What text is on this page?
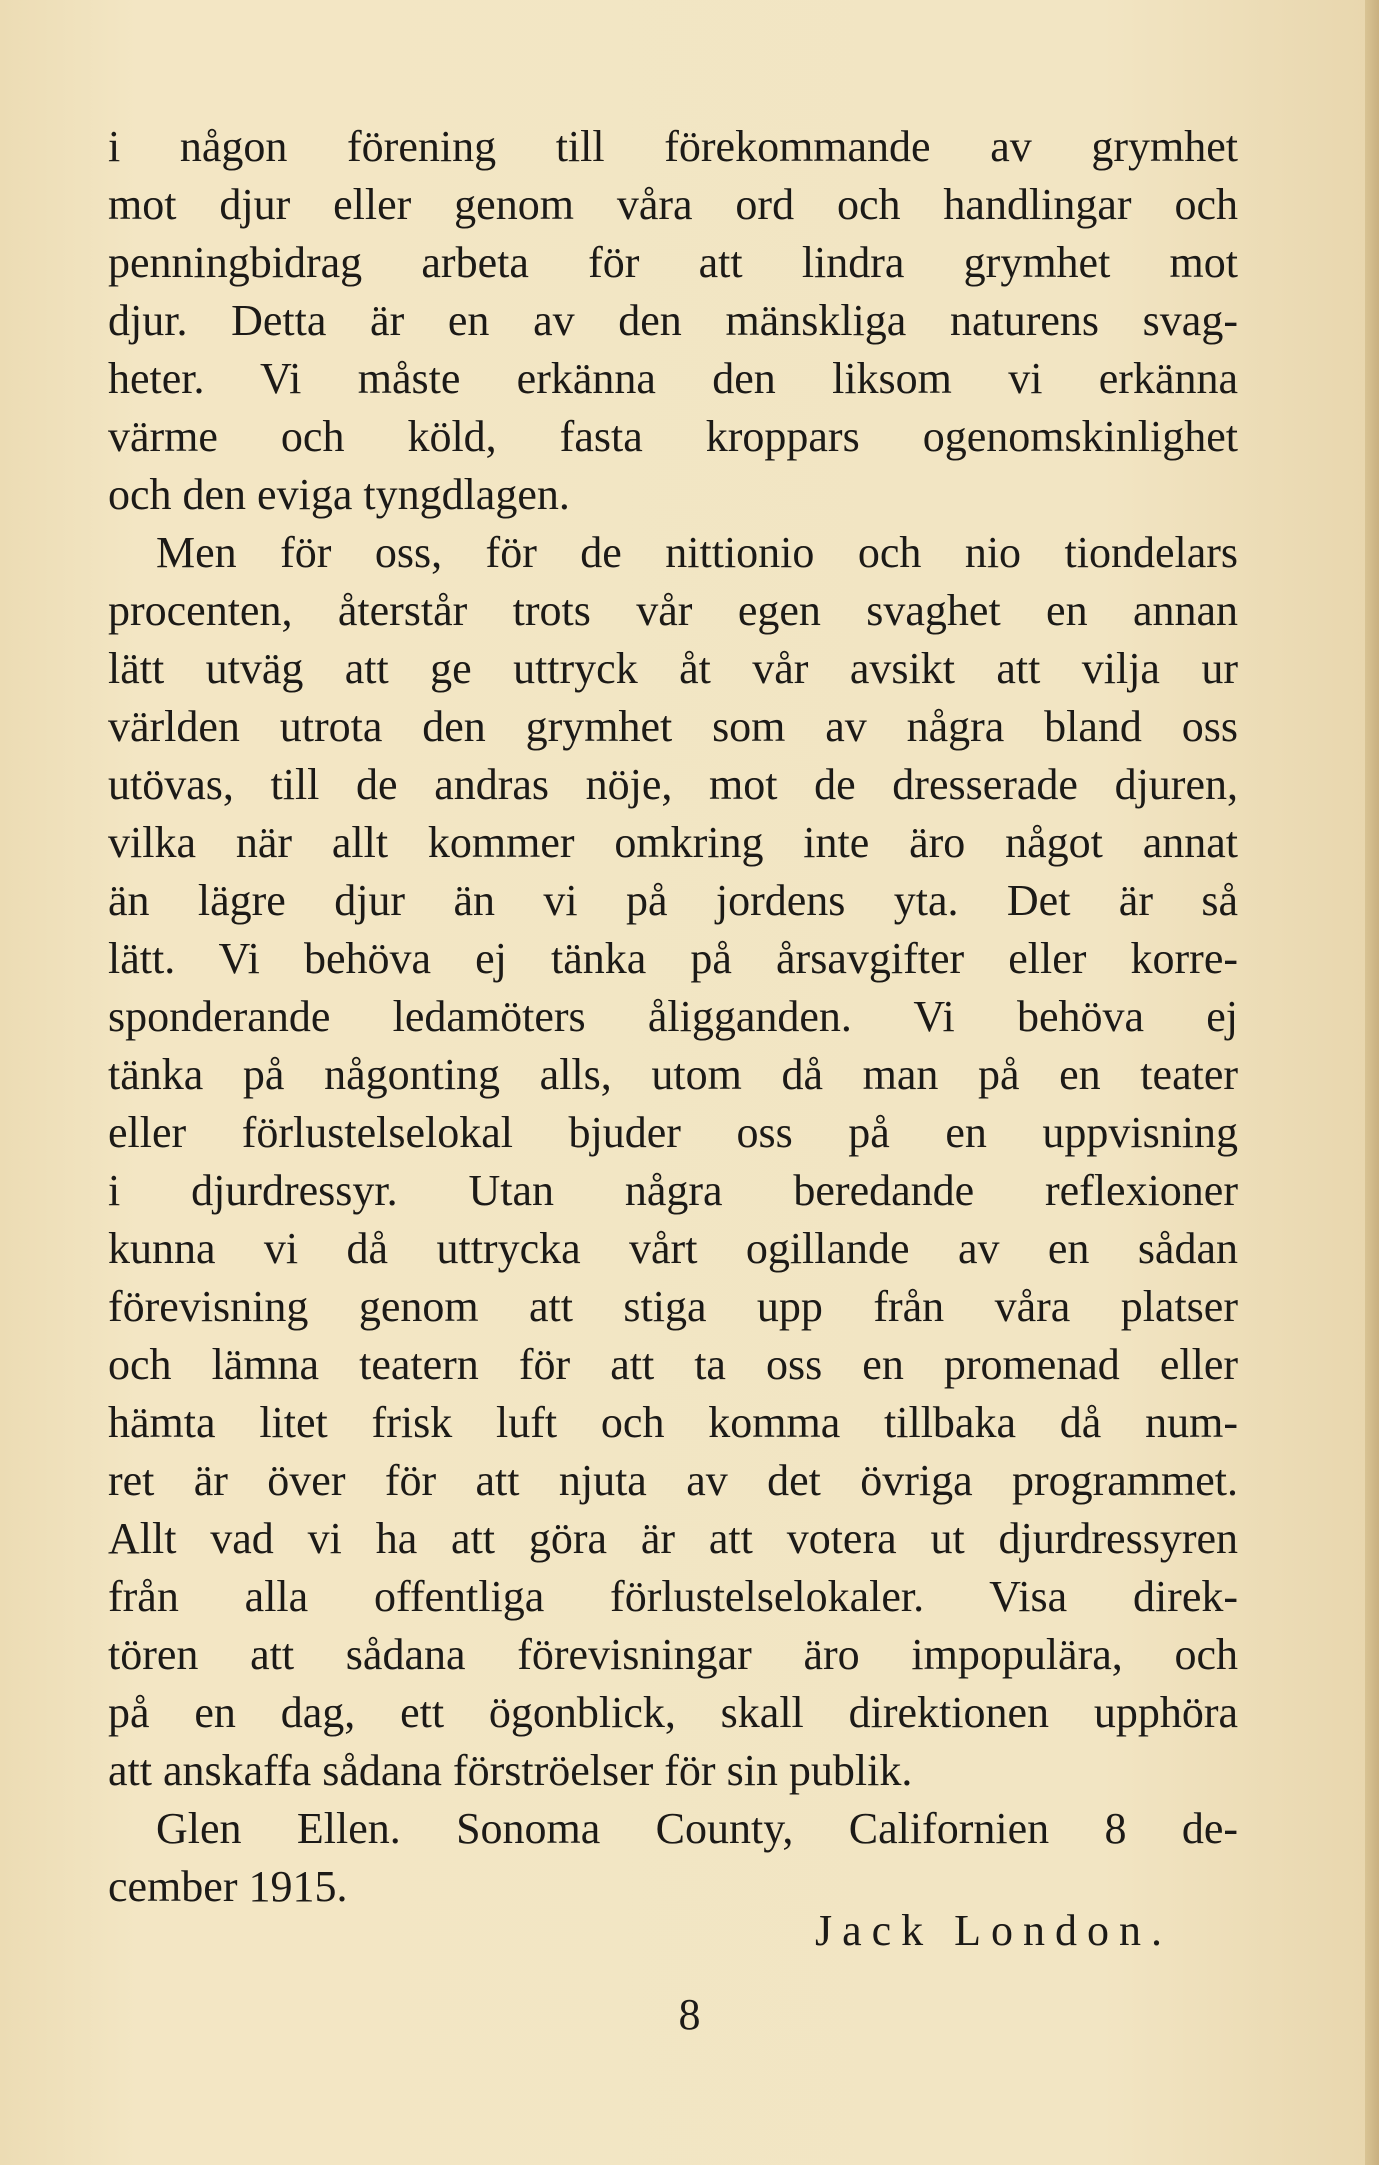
i någon förening till förekommande av grymhet
mot djur eller genom våra ord och handlingar och
penningbidrag arbeta för att lindra grymhet mot
djur. Detta är en av den mänskliga naturens svag-
heter. Vi måste erkänna den liksom vi erkänna
värme och köld, fasta kroppars ogenomskinlighet
och den eviga tyngdlagen.
Men för oss, för de nittionio och nio tiondelars
procenten, återstår trots vår egen svaghet en annan
lätt utväg att ge uttryck åt vår avsikt att vilja ur
världen utrota den grymhet som av några bland oss
utövas, till de andras nöje, mot de dresserade djuren,
vilka när allt kommer omkring inte äro något annat
än lägre djur än vi på jordens yta. Det är så
lätt. Vi behöva ej tänka på årsavgifter eller korre-
sponderande ledamöters åligganden. Vi behöva ej
tänka på någonting alls, utom då man på en teater
eller förlustelselokal bjuder oss på en uppvisning
i djurdressyr. Utan några beredande reflexioner
kunna vi då uttrycka vårt ogillande av en sådan
förevisning genom att stiga upp från våra platser
och lämna teatern för att ta oss en promenad eller
hämta litet frisk luft och komma tillbaka då num-
ret är över för att njuta av det övriga programmet.
Allt vad vi ha att göra är att votera ut djurdressyren
från alla offentliga förlustelselokaler. Visa direk-
tören att sådana förevisningar äro impopulära, och
på en dag, ett ögonblick, skall direktionen upphöra
att anskaffa sådana förströelser för sin publik.
Glen Ellen. Sonoma County, Californien 8 de-
cember 1915.
Jack London.
8
